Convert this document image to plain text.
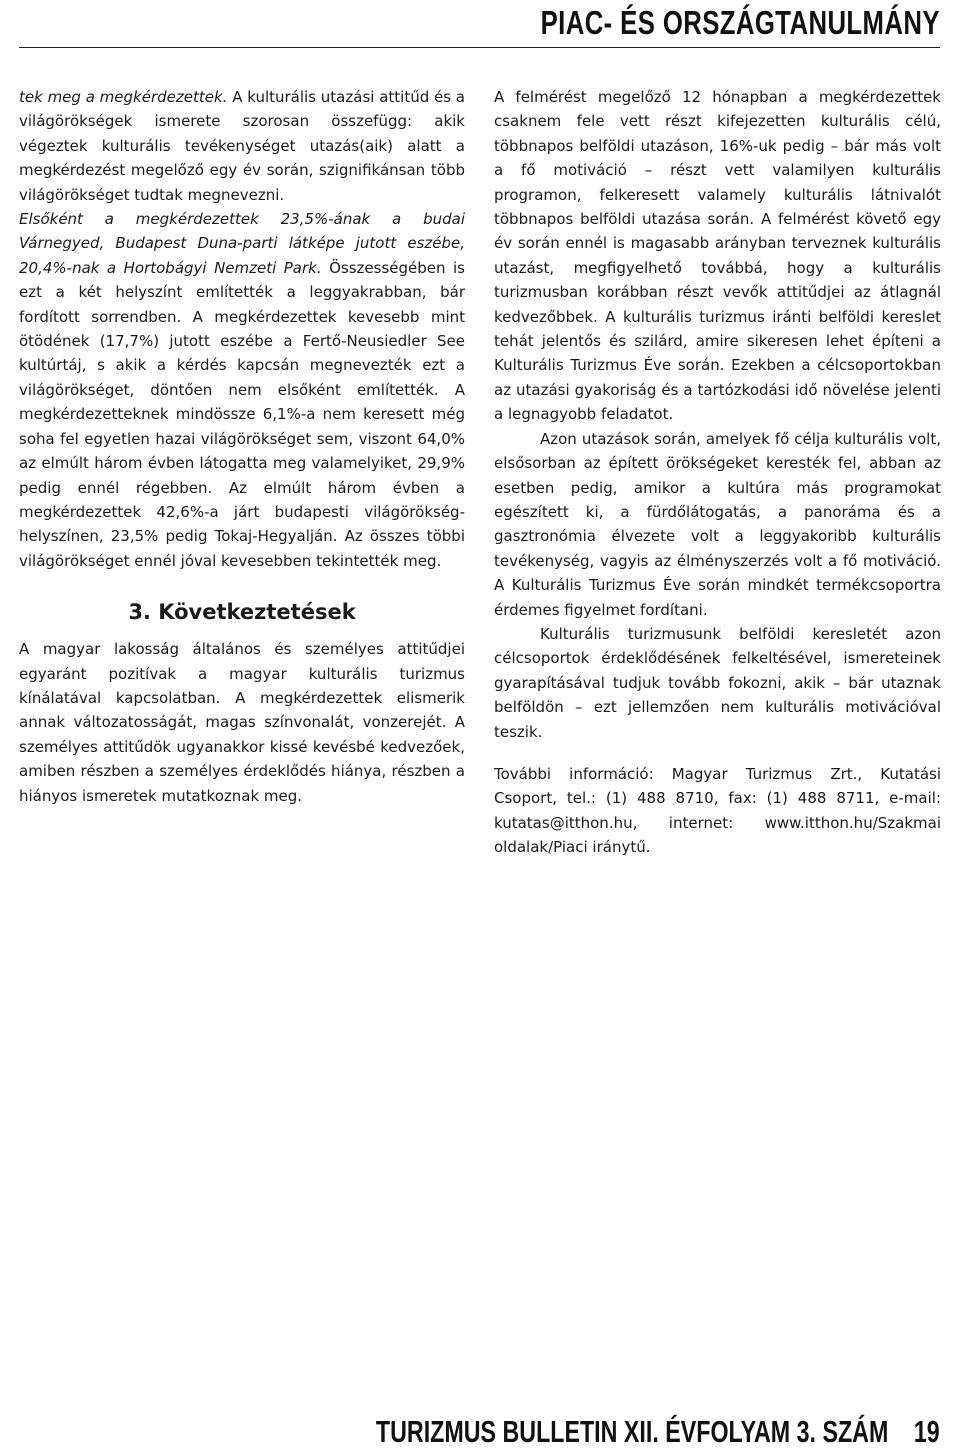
PIAC- ÉS ORSZÁGTANULMÁNY

tek meg a megkérdezettek. A kulturális utazási attitűd és a világörökségek ismerete szorosan összefügg: akik végeztek kulturális tevékenységet utazás(aik) alatt a megkérdezést megelőző egy év során, szignifikánsan több világörökséget tudtak megnevezni.

Elsőként a megkérdezettek 23,5%-ának a budai Várnegyed, Budapest Duna-parti látképe jutott eszébe, 20,4%-nak a Hortobágyi Nemzeti Park. Összességében is ezt a két helyszínt említették a leggyakrabban, bár fordított sorrendben. A megkérdezettek kevesebb mint ötödének (17,7%) jutott eszébe a Fertő-Neusiedler See kultúrtáj, s akik a kérdés kapcsán megnevezték ezt a világörökséget, döntően nem elsőként említették. A megkérdezetteknek mindössze 6,1%-a nem keresett még soha fel egyetlen hazai világörökséget sem, viszont 64,0% az elmúlt három évben látogatta meg valamelyiket, 29,9% pedig ennél régebben. Az elmúlt három évben a megkérdezettek 42,6%-a járt budapesti világörökség-helyszínen, 23,5% pedig Tokaj-Hegyalján. Az összes többi világörökséget ennél jóval kevesebben tekintették meg.

3. Következtetések

A magyar lakosság általános és személyes attitűdjei egyaránt pozitívak a magyar kulturális turizmus kínálatával kapcsolatban. A megkérdezettek elismerik annak változatosságát, magas színvonalát, vonzerejét. A személyes attitűdök ugyanakkor kissé kevésbé kedvezőek, amiben részben a személyes érdeklődés hiánya, részben a hiányos ismeretek mutatkoznak meg.

A felmérést megelőző 12 hónapban a megkérdezettek csaknem fele vett részt kifejezetten kulturális célú, többnapos belföldi utazáson, 16%-uk pedig – bár más volt a fő motiváció – részt vett valamilyen kulturális programon, felkeresett valamely kulturális látnivalót többnapos belföldi utazása során. A felmérést követő egy év során ennél is magasabb arányban terveznek kulturális utazást, megfigyelhető továbbá, hogy a kulturális turizmusban korábban részt vevők attitűdjei az átlagnál kedvezőbbek. A kulturális turizmus iránti belföldi kereslet tehát jelentős és szilárd, amire sikeresen lehet építeni a Kulturális Turizmus Éve során. Ezekben a célcsoportokban az utazási gyakoriság és a tartózkodási idő növelése jelenti a legnagyobb feladatot.

Azon utazások során, amelyek fő célja kulturális volt, elsősorban az épített örökségeket keresték fel, abban az esetben pedig, amikor a kultúra más programokat egészített ki, a fürdőlátogatás, a panoráma és a gasztronómia élvezete volt a leggyakoribb kulturális tevékenység, vagyis az élményszerzés volt a fő motiváció. A Kulturális Turizmus Éve során mindkét termékcsoportra érdemes figyelmet fordítani.

Kulturális turizmusunk belföldi keresletét azon célcsoportok érdeklődésének felkeltésével, ismereteinek gyarapításával tudjuk tovább fokozni, akik – bár utaznak belföldön – ezt jellemzően nem kulturális motivációval teszik.

További információ: Magyar Turizmus Zrt., Kutatási Csoport, tel.: (1) 488 8710, fax: (1) 488 8711, e-mail: kutatas@itthon.hu, internet: www.itthon.hu/Szakmai oldalak/Piaci iránytű.

TURIZMUS BULLETIN XII. ÉVFOLYAM 3. SZÁM 19
